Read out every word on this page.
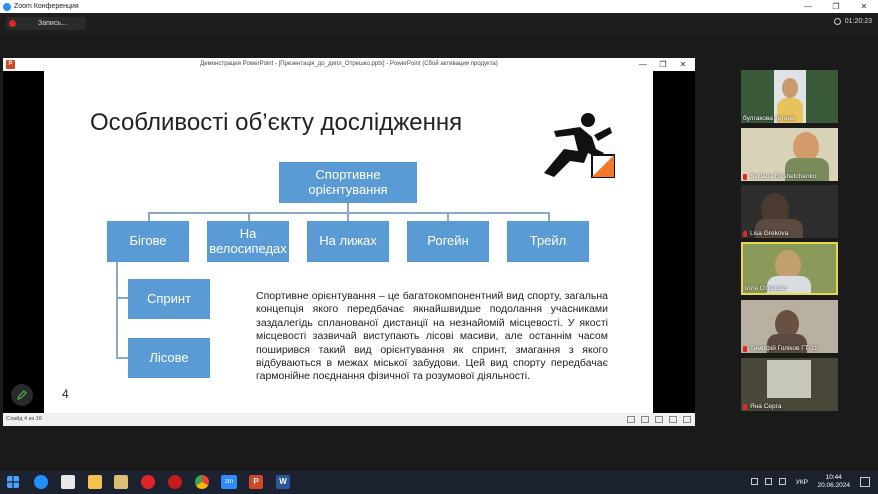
Zoom Конференция	—	❐	✕
Запись...	01:20:23
P	Демонстрация PowerPoint - [Презентація_до_дипл_Отрешко.pptx] - PowerPoint (Сбой активации продукта)	—	❐	✕
Особливості об’єкту дослідження
Спортивне орієнтування
Бігове	На велосипедах	На лижах	Рогейн	Трейл
Спринт
Лісове
Спортивне орієнтування – це багатокомпонентний вид спорту, загальна концепція якого передбачає якнайшвидше подолання учасниками заздалегідь спланованої дистанції на незнайомій місцевості. У якості місцевості зазвичай виступають лісові масиви, але останнім часом поширився такий вид орієнтування як спринт, змагання з якого відбуваються в межах міської забудови. Цей вид спорту передбачає гармонійне поєднання фізичної та розумової діяльності.
4
Слайд 4 из 16
булгакова тетяна
Svitlana Reshetchenko
Lisa Grekova
Ілля Отрешко
Тимофій Голіков ГТ-11
Яна Серга
zm	P	W	УКР
10:44
20.06.2024
